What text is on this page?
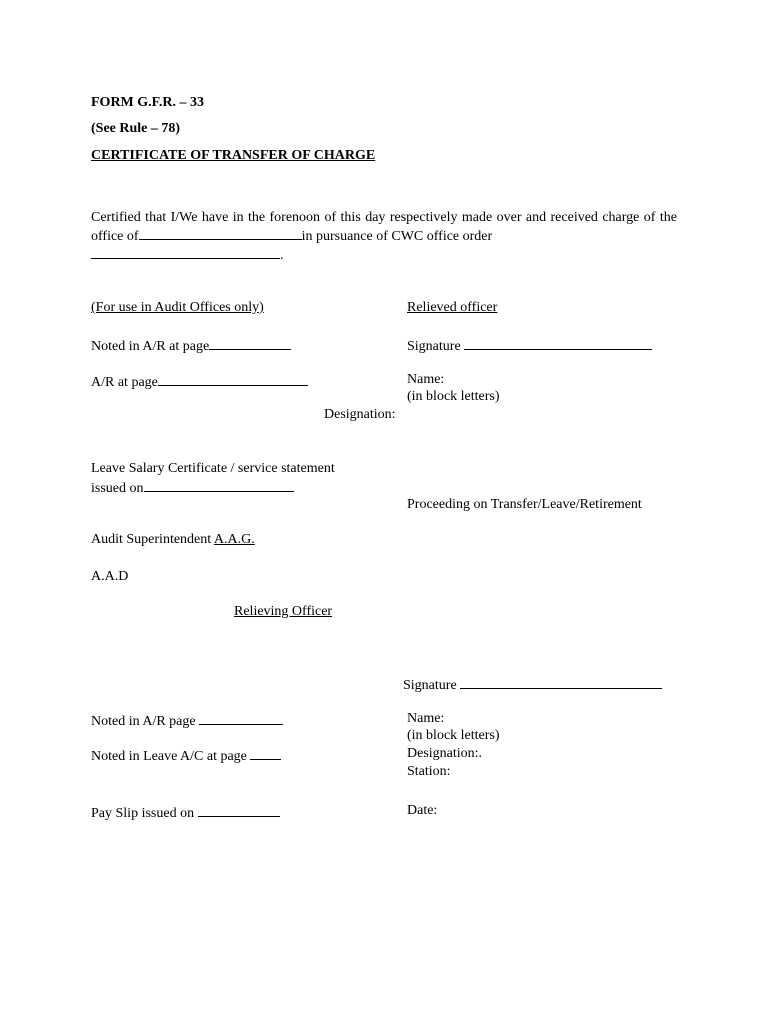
FORM G.F.R. – 33
(See Rule – 78)
CERTIFICATE OF TRANSFER OF CHARGE
Certified that I/We have in the forenoon of this day respectively made over and received charge of the office of	in pursuance of CWC office order
.
(For use in Audit Offices only)
Noted in A/R at page
A/R at page
Relieved officer
Signature
Name:
(in block letters)
Designation:
Leave Salary Certificate / service statement
issued on
Proceeding on Transfer/Leave/Retirement
Audit Superintendent A.A.G.
A.A.D
Relieving Officer
Signature
Noted in A/R page	Name:
(in block letters)
Noted in Leave A/C at page	Designation:.
Station:
Pay Slip issued on	Date:
